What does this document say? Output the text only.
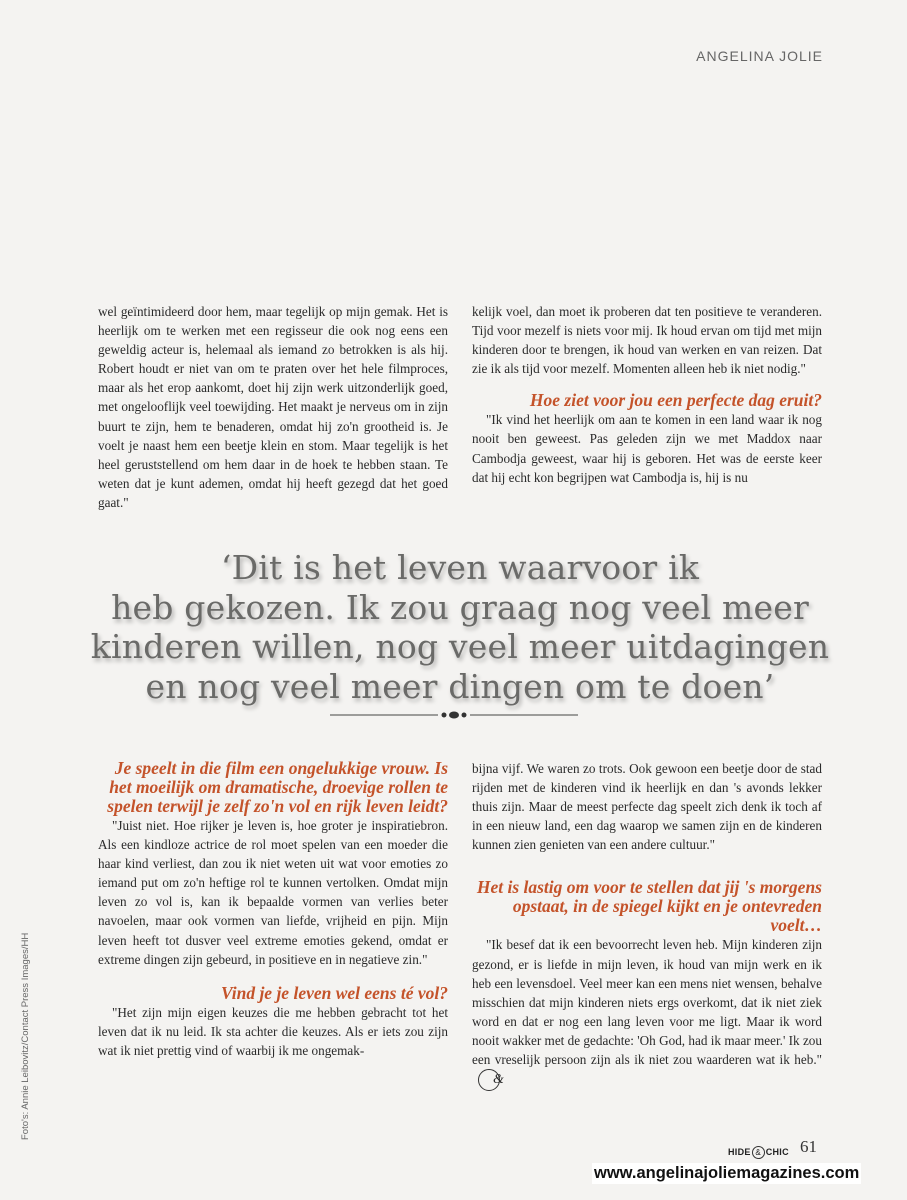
ANGELINA JOLIE

wel geïntimideerd door hem, maar tegelijk op mijn gemak. Het is heerlijk om te werken met een regisseur die ook nog eens een geweldig acteur is, helemaal als iemand zo betrokken is als hij. Robert houdt er niet van om te praten over het hele filmproces, maar als het erop aankomt, doet hij zijn werk uitzonderlijk goed, met ongelooflijk veel toewijding. Het maakt je nerveus om in zijn buurt te zijn, hem te benaderen, omdat hij zo'n grootheid is. Je voelt je naast hem een beetje klein en stom. Maar tegelijk is het heel geruststellend om hem daar in de hoek te hebben staan. Te weten dat je kunt ademen, omdat hij heeft gezegd dat het goed gaat."

kelijk voel, dan moet ik proberen dat ten positieve te veranderen. Tijd voor mezelf is niets voor mij. Ik houd ervan om tijd met mijn kinderen door te brengen, ik houd van werken en van reizen. Dat zie ik als tijd voor mezelf. Momenten alleen heb ik niet nodig."

Hoe ziet voor jou een perfecte dag eruit?

"Ik vind het heerlijk om aan te komen in een land waar ik nog nooit ben geweest. Pas geleden zijn we met Maddox naar Cambodja geweest, waar hij is geboren. Het was de eerste keer dat hij echt kon begrijpen wat Cambodja is, hij is nu

‘Dit is het leven waarvoor ik
heb gekozen. Ik zou graag nog veel meer
kinderen willen, nog veel meer uitdagingen
en nog veel meer dingen om te doen’

Je speelt in die film een ongelukkige vrouw. Is het moeilijk om dramatische, droevige rollen te spelen terwijl je zelf zo'n vol en rijk leven leidt?

"Juist niet. Hoe rijker je leven is, hoe groter je inspiratiebron. Als een kindloze actrice de rol moet spelen van een moeder die haar kind verliest, dan zou ik niet weten uit wat voor emoties zo iemand put om zo'n heftige rol te kunnen vertolken. Omdat mijn leven zo vol is, kan ik bepaalde vormen van verlies beter navoelen, maar ook vormen van liefde, vrijheid en pijn. Mijn leven heeft tot dusver veel extreme emoties gekend, omdat er extreme dingen zijn gebeurd, in positieve en in negatieve zin."

Vind je je leven wel eens té vol?

"Het zijn mijn eigen keuzes die me hebben gebracht tot het leven dat ik nu leid. Ik sta achter die keuzes. Als er iets zou zijn wat ik niet prettig vind of waarbij ik me ongemak-

bijna vijf. We waren zo trots. Ook gewoon een beetje door de stad rijden met de kinderen vind ik heerlijk en dan 's avonds lekker thuis zijn. Maar de meest perfecte dag speelt zich denk ik toch af in een nieuw land, een dag waarop we samen zijn en de kinderen kunnen zien genieten van een andere cultuur."

Het is lastig om voor te stellen dat jij 's morgens opstaat, in de spiegel kijkt en je ontevreden voelt…

"Ik besef dat ik een bevoorrecht leven heb. Mijn kinderen zijn gezond, er is liefde in mijn leven, ik houd van mijn werk en ik heb een levensdoel. Veel meer kan een mens niet wensen, behalve misschien dat mijn kinderen niets ergs overkomt, dat ik niet ziek word en dat er nog een lang leven voor me ligt. Maar ik word nooit wakker met de gedachte: 'Oh God, had ik maar meer.' Ik zou een vreselijk persoon zijn als ik niet zou waarderen wat ik heb."&

Foto's: Annie Leibovitz/Contact Press Images/HH
HIDE & CHIC 61
www.angelinajoliemagazines.com
